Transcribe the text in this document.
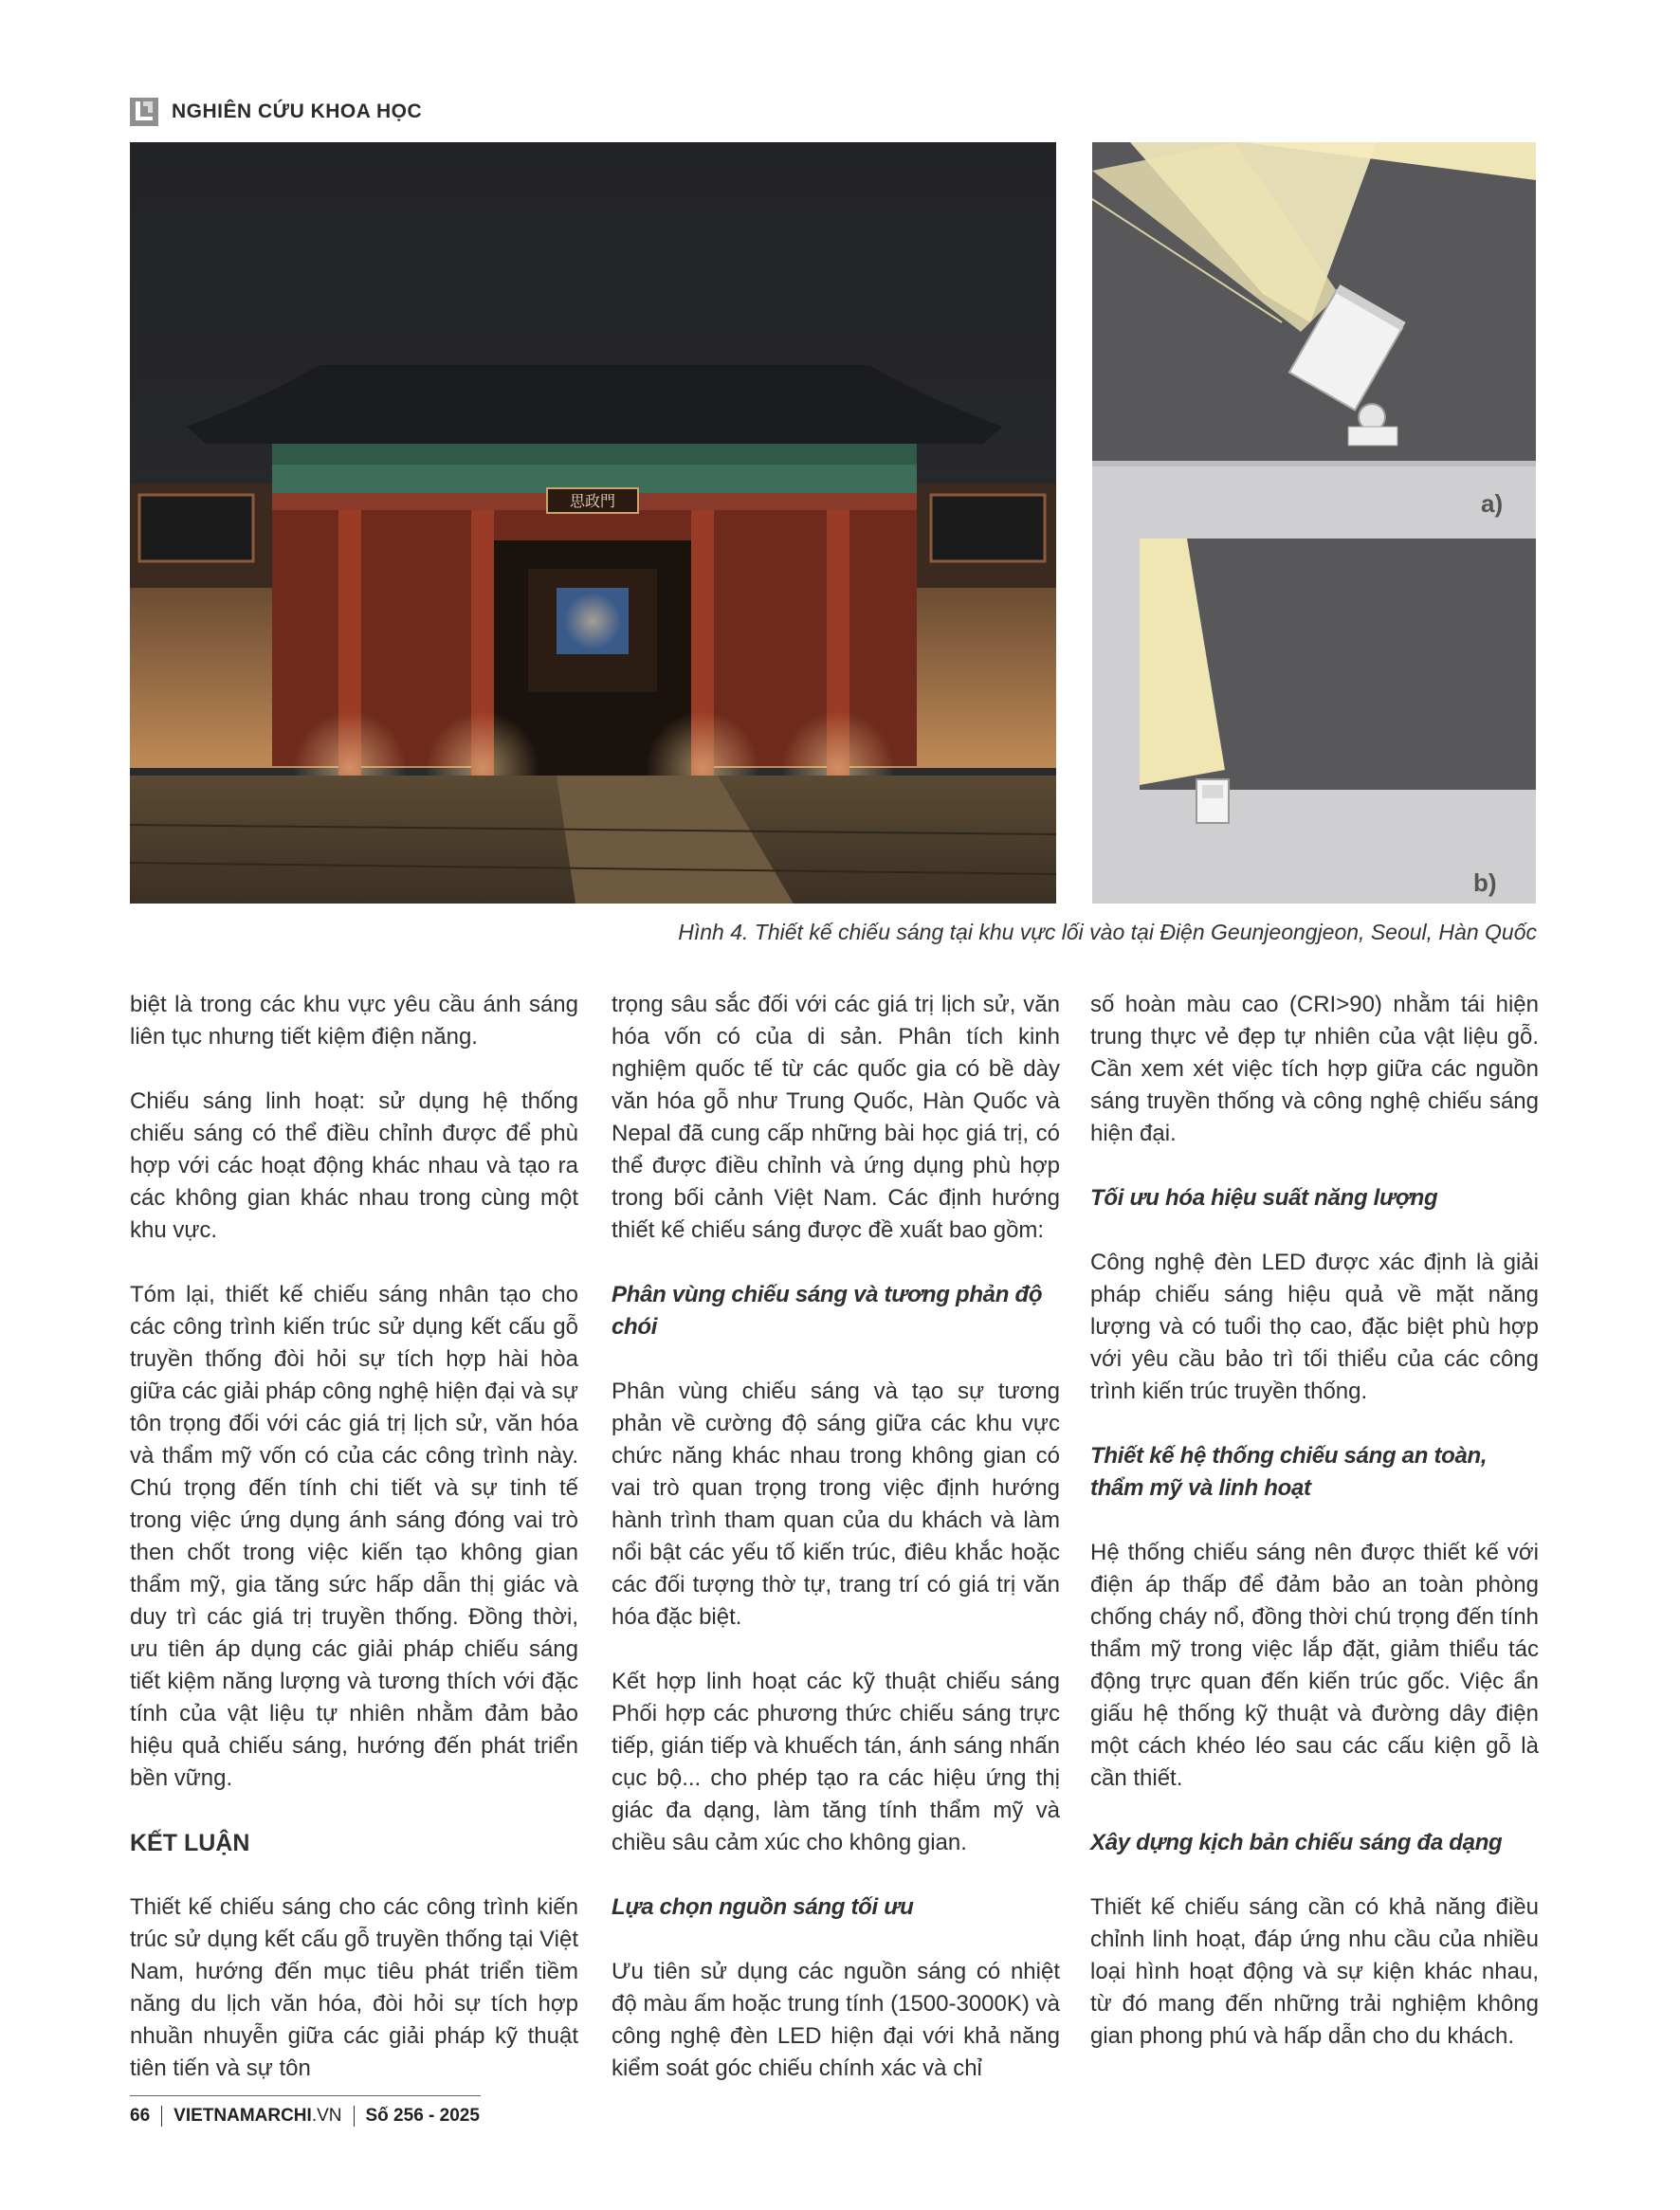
NGHIÊN CỨU KHOA HỌC
思政門	a)
b)
Hình 4. Thiết kế chiếu sáng tại khu vực lối vào tại Điện Geunjeongjeon, Seoul, Hàn Quốc

biệt là trong các khu vực yêu cầu ánh sáng liên tục nhưng tiết kiệm điện năng.

Chiếu sáng linh hoạt: sử dụng hệ thống chiếu sáng có thể điều chỉnh được để phù hợp với các hoạt động khác nhau và tạo ra các không gian khác nhau trong cùng một khu vực.

Tóm lại, thiết kế chiếu sáng nhân tạo cho các công trình kiến trúc sử dụng kết cấu gỗ truyền thống đòi hỏi sự tích hợp hài hòa giữa các giải pháp công nghệ hiện đại và sự tôn trọng đối với các giá trị lịch sử, văn hóa và thẩm mỹ vốn có của các công trình này. Chú trọng đến tính chi tiết và sự tinh tế trong việc ứng dụng ánh sáng đóng vai trò then chốt trong việc kiến tạo không gian thẩm mỹ, gia tăng sức hấp dẫn thị giác và duy trì các giá trị truyền thống. Đồng thời, ưu tiên áp dụng các giải pháp chiếu sáng tiết kiệm năng lượng và tương thích với đặc tính của vật liệu tự nhiên nhằm đảm bảo hiệu quả chiếu sáng, hướng đến phát triển bền vững.

KẾT LUẬN

Thiết kế chiếu sáng cho các công trình kiến trúc sử dụng kết cấu gỗ truyền thống tại Việt Nam, hướng đến mục tiêu phát triển tiềm năng du lịch văn hóa, đòi hỏi sự tích hợp nhuần nhuyễn giữa các giải pháp kỹ thuật tiên tiến và sự tôn

trọng sâu sắc đối với các giá trị lịch sử, văn hóa vốn có của di sản. Phân tích kinh nghiệm quốc tế từ các quốc gia có bề dày văn hóa gỗ như Trung Quốc, Hàn Quốc và Nepal đã cung cấp những bài học giá trị, có thể được điều chỉnh và ứng dụng phù hợp trong bối cảnh Việt Nam. Các định hướng thiết kế chiếu sáng được đề xuất bao gồm:

Phân vùng chiếu sáng và tương phản độ chói

Phân vùng chiếu sáng và tạo sự tương phản về cường độ sáng giữa các khu vực chức năng khác nhau trong không gian có vai trò quan trọng trong việc định hướng hành trình tham quan của du khách và làm nổi bật các yếu tố kiến trúc, điêu khắc hoặc các đối tượng thờ tự, trang trí có giá trị văn hóa đặc biệt.

Kết hợp linh hoạt các kỹ thuật chiếu sáng Phối hợp các phương thức chiếu sáng trực tiếp, gián tiếp và khuếch tán, ánh sáng nhấn cục bộ... cho phép tạo ra các hiệu ứng thị giác đa dạng, làm tăng tính thẩm mỹ và chiều sâu cảm xúc cho không gian.

Lựa chọn nguồn sáng tối ưu

Ưu tiên sử dụng các nguồn sáng có nhiệt độ màu ấm hoặc trung tính (1500-3000K) và công nghệ đèn LED hiện đại với khả năng kiểm soát góc chiếu chính xác và chỉ

số hoàn màu cao (CRI>90) nhằm tái hiện trung thực vẻ đẹp tự nhiên của vật liệu gỗ. Cần xem xét việc tích hợp giữa các nguồn sáng truyền thống và công nghệ chiếu sáng hiện đại.

Tối ưu hóa hiệu suất năng lượng

Công nghệ đèn LED được xác định là giải pháp chiếu sáng hiệu quả về mặt năng lượng và có tuổi thọ cao, đặc biệt phù hợp với yêu cầu bảo trì tối thiểu của các công trình kiến trúc truyền thống.

Thiết kế hệ thống chiếu sáng an toàn, thẩm mỹ và linh hoạt

Hệ thống chiếu sáng nên được thiết kế với điện áp thấp để đảm bảo an toàn phòng chống cháy nổ, đồng thời chú trọng đến tính thẩm mỹ trong việc lắp đặt, giảm thiểu tác động trực quan đến kiến trúc gốc. Việc ẩn giấu hệ thống kỹ thuật và đường dây điện một cách khéo léo sau các cấu kiện gỗ là cần thiết.

Xây dựng kịch bản chiếu sáng đa dạng

Thiết kế chiếu sáng cần có khả năng điều chỉnh linh hoạt, đáp ứng nhu cầu của nhiều loại hình hoạt động và sự kiện khác nhau, từ đó mang đến những trải nghiệm không gian phong phú và hấp dẫn cho du khách.

66 VIETNAMARCHI.VN Số 256 - 2025
